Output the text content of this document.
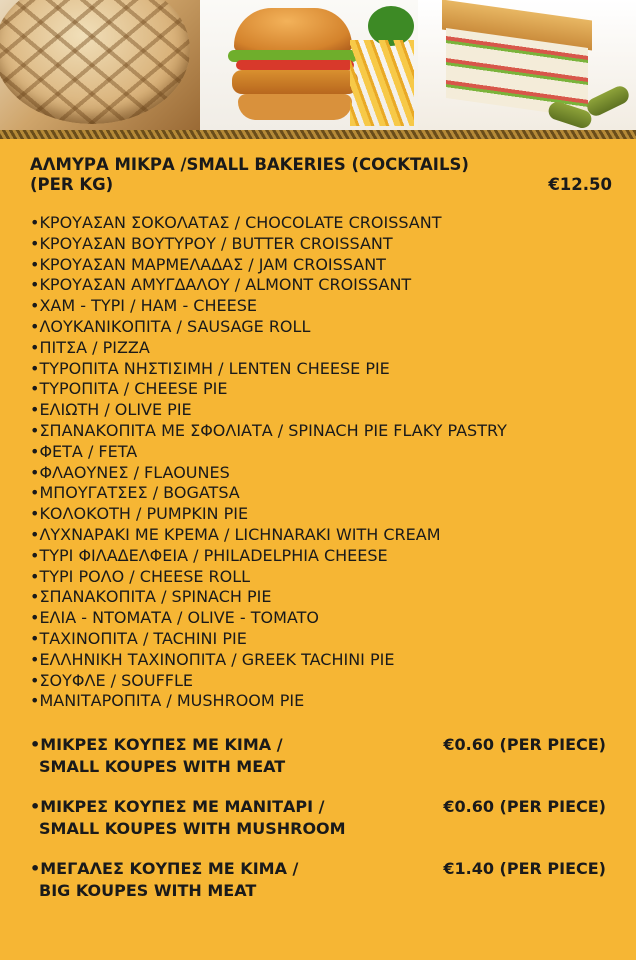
ΑΛΜΥΡΑ ΜΙΚΡΑ /SMALL BAKERIES (COCKTAILS)
(PER KG)	€12.50
•ΚΡΟΥΑΣΑΝ ΣΟΚΟΛΑΤΑΣ / CHOCOLATE CROISSANT
•ΚΡΟΥΑΣΑΝ ΒΟΥΤΥΡΟΥ / BUTTER CROISSANT
•ΚΡΟΥΑΣΑΝ ΜΑΡΜΕΛΑΔΑΣ / JAM CROISSANT
•ΚΡΟΥΑΣΑΝ ΑΜΥΓΔΑΛΟΥ / ALMONT CROISSANT
•ΧΑΜ - ΤΥΡΙ / HAM - CHEESE
•ΛΟΥΚΑΝΙΚΟΠΙΤΑ / SAUSAGE ROLL
•ΠΙΤΣΑ / PIZZA
•ΤΥΡΟΠΙΤΑ ΝΗΣΤΙΣΙΜΗ / LENTEN CHEESE PIE
•ΤΥΡΟΠΙΤΑ / CHEESE PIE
•ΕΛΙΩΤΗ / OLIVE PIE
•ΣΠΑΝΑΚΟΠΙΤΑ ΜΕ ΣΦΟΛΙΑΤΑ / SPINACH PIE FLAKY PASTRY
•ΦΕΤΑ / FETA
•ΦΛΑΟΥΝΕΣ / FLAOUNES
•ΜΠΟΥΓΑΤΣΕΣ / BOGATSA
•ΚΟΛΟΚΟΤΗ / PUMPKIN PIE
•ΛΥΧΝΑΡΑΚΙ ΜΕ ΚΡΕΜΑ / LICHNARAKI WITH CREAM
•ΤΥΡΙ ΦΙΛΑΔΕΛΦΕΙΑ / PHILADELPHIA CHEESE
•ΤΥΡΙ ΡΟΛΟ / CHEESE ROLL
•ΣΠΑΝΑΚΟΠΙΤΑ / SPINACH PIE
•ΕΛΙΑ - ΝΤΟΜΑΤΑ / OLIVE - TOMATO
•ΤΑΧΙΝΟΠΙΤΑ / TACHINI PIE
•ΕΛΛΗΝΙΚΗ ΤΑΧΙΝΟΠΙΤΑ / GREEK TACHINI PIE
•ΣΟΥΦΛΕ / SOUFFLE
•ΜΑΝΙΤΑΡΟΠΙΤΑ / MUSHROOM PIE
•ΜΙΚΡΕΣ ΚΟΥΠΕΣ ΜΕ ΚΙΜΑ /
SMALL KOUPES WITH MEAT
€0.60 (PER PIECE)
•ΜΙΚΡΕΣ ΚΟΥΠΕΣ ΜΕ ΜΑΝΙΤΑΡΙ /
SMALL KOUPES WITH MUSHROOM
€0.60 (PER PIECE)
•ΜΕΓΑΛΕΣ ΚΟΥΠΕΣ ΜΕ ΚΙΜΑ /
BIG KOUPES WITH MEAT
€1.40 (PER PIECE)
